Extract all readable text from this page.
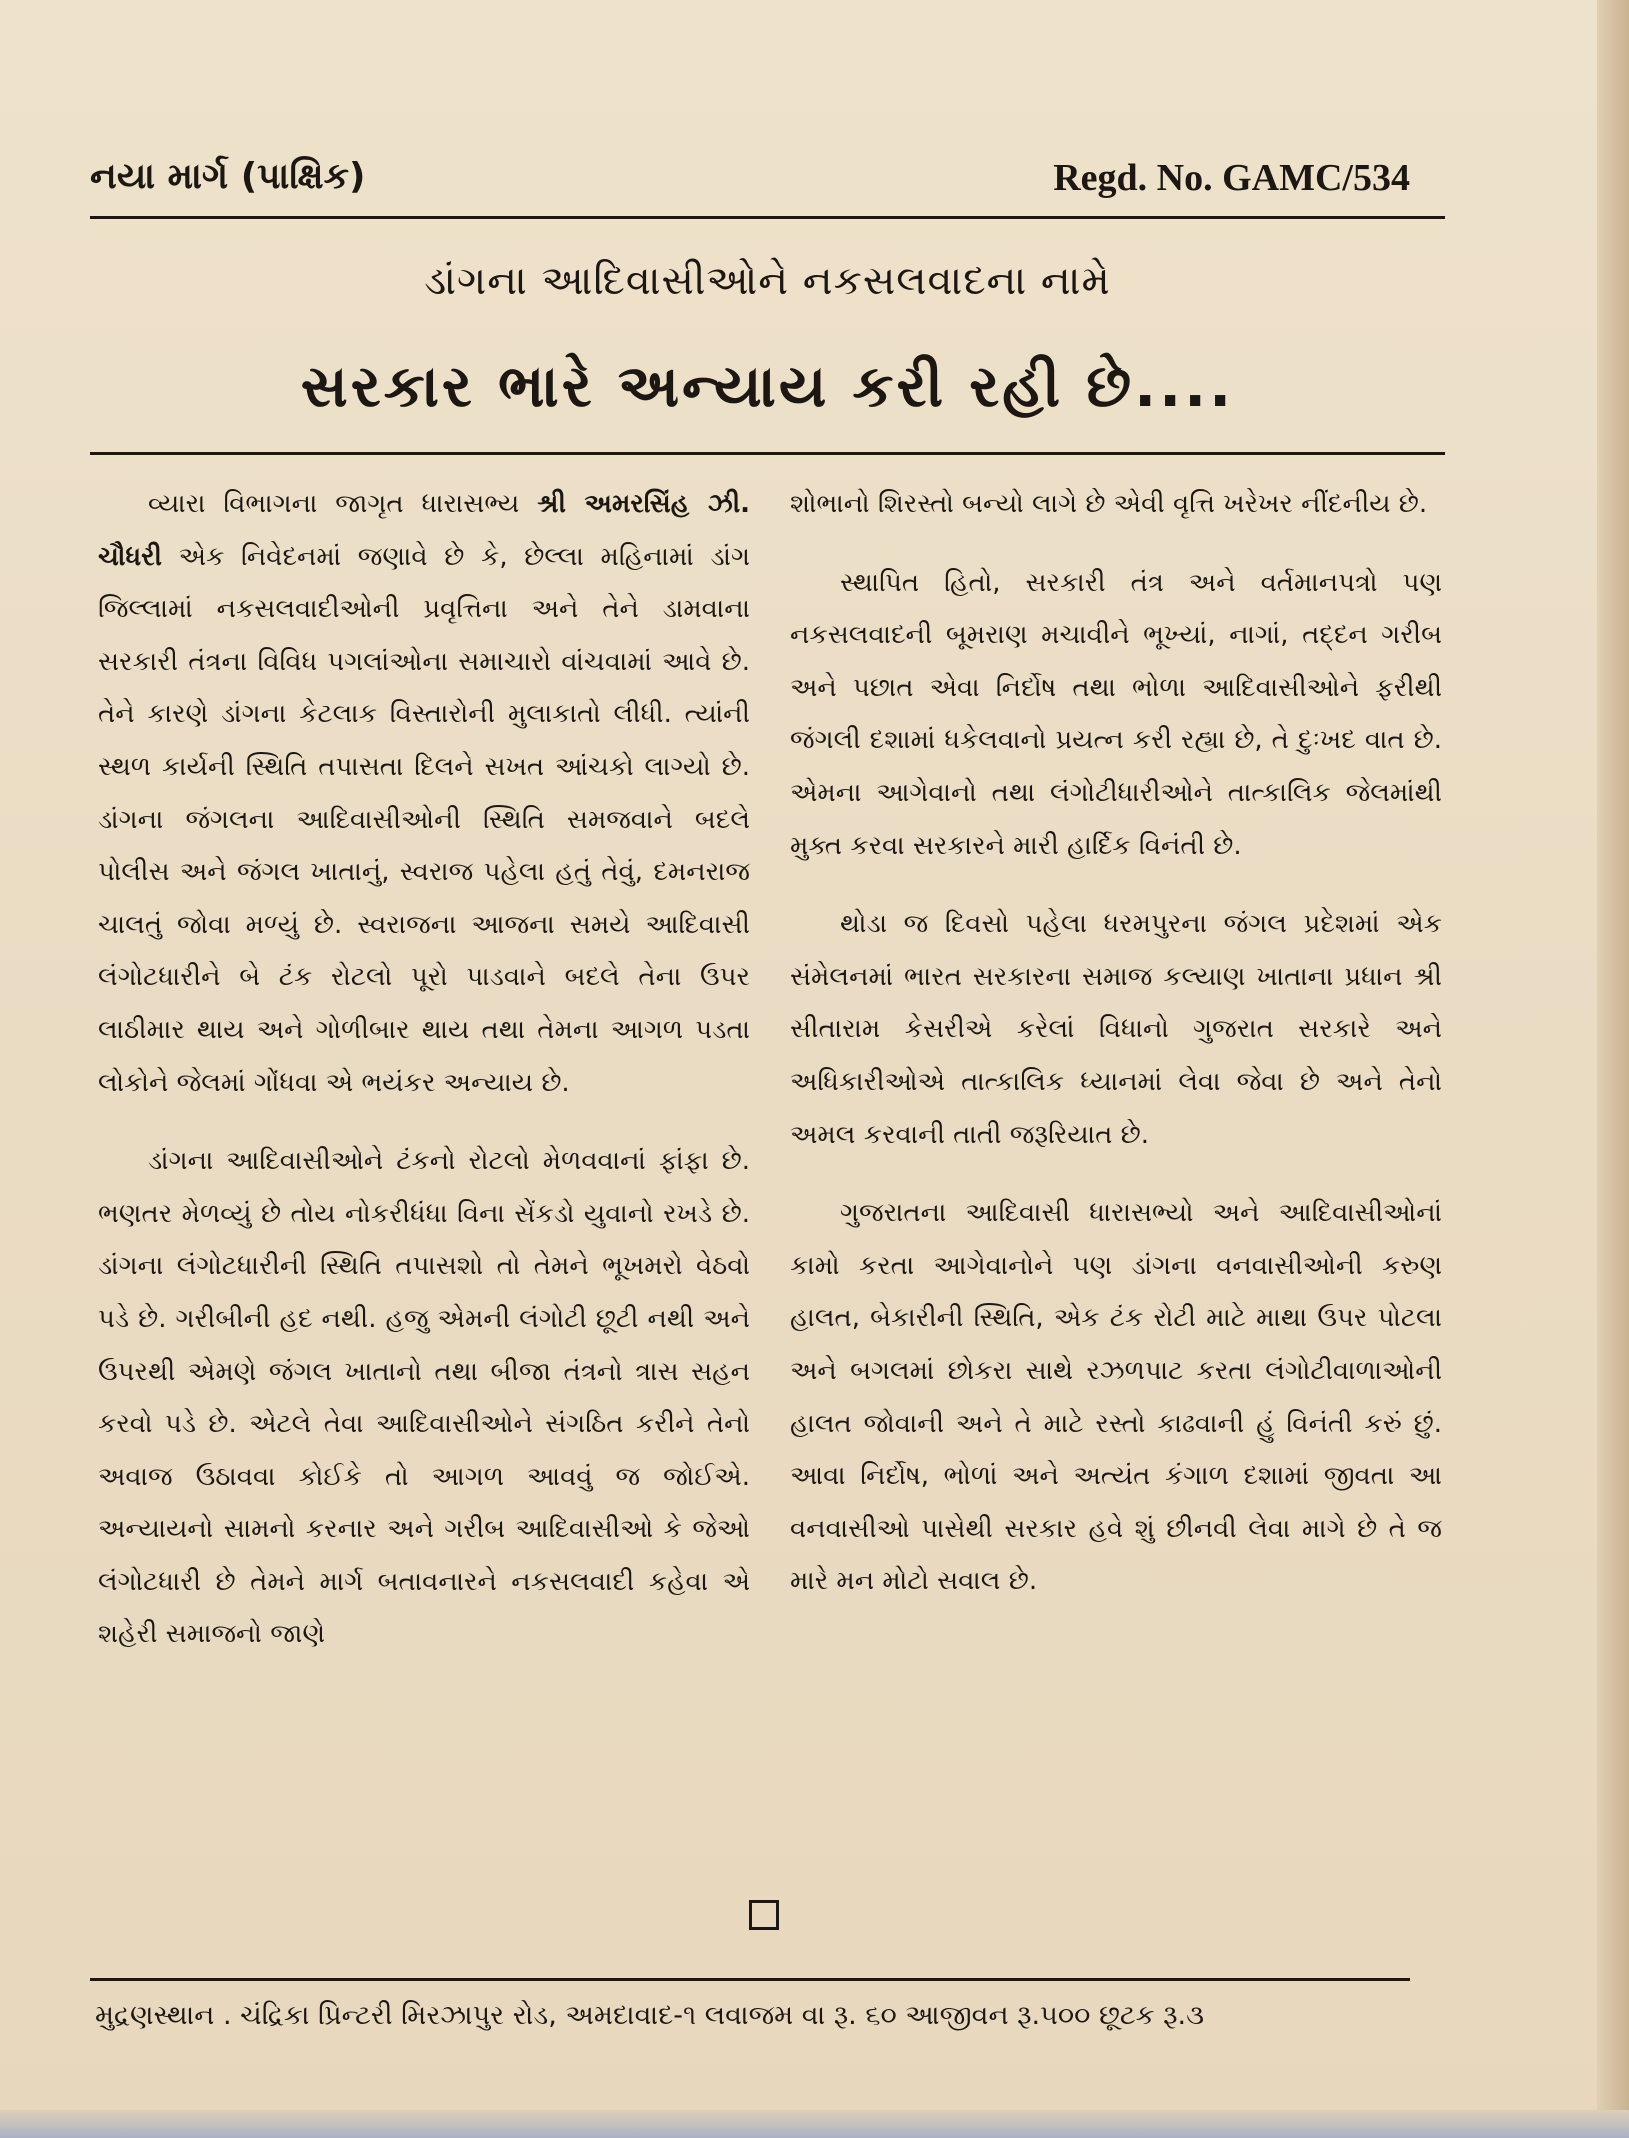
નયા માર્ગ (પાક્ષિક)	Regd. No. GAMC/534
ડાંગના આદિવાસીઓને નકસલવાદના નામે
સરકાર ભારે અન્યાય કરી રહી છે....

વ્યારા વિભાગના જાગૃત ધારાસભ્ય શ્રી અમરસિંહ ઝી. ચૌધરી એક નિવેદનમાં જણાવે છે કે, છેલ્લા મહિનામાં ડાંગ જિલ્લામાં નકસલવાદીઓની પ્રવૃત્તિના અને તેને ડામવાના સરકારી તંત્રના વિવિધ પગલાંઓના સમાચારો વાંચવામાં આવે છે. તેને કારણે ડાંગના કેટલાક વિસ્તારોની મુલાકાતો લીધી. ત્યાંની સ્થળ કાર્યની સ્થિતિ તપાસતા દિલને સખત આંચકો લાગ્યો છે. ડાંગના જંગલના આદિવાસીઓની સ્થિતિ સમજવાને બદલે પોલીસ અને જંગલ ખાતાનું, સ્વરાજ પહેલા હતું તેવું, દમનરાજ ચાલતું જોવા મળ્યું છે. સ્વરાજના આજના સમયે આદિવાસી લંગોટધારીને બે ટંક રોટલો પૂરો પાડવાને બદલે તેના ઉપર લાઠીમાર થાય અને ગોળીબાર થાય તથા તેમના આગળ પડતા લોકોને જેલમાં ગોંધવા એ ભયંકર અન્યાય છે.

ડાંગના આદિવાસીઓને ટંકનો રોટલો મેળવવાનાં ફાંફા છે. ભણતર મેળવ્યું છે તોય નોકરીધંધા વિના સેંકડો યુવાનો રખડે છે. ડાંગના લંગોટધારીની સ્થિતિ તપાસશો તો તેમને ભૂખમરો વેઠવો પડે છે. ગરીબીની હદ નથી. હજુ એમની લંગોટી છૂટી નથી અને ઉપરથી એમણે જંગલ ખાતાનો તથા બીજા તંત્રનો ત્રાસ સહન કરવો પડે છે. એટલે તેવા આદિવાસીઓને સંગઠિત કરીને તેનો અવાજ ઉઠાવવા કોઈકે તો આગળ આવવું જ જોઈએ. અન્યાયનો સામનો કરનાર અને ગરીબ આદિવાસીઓ કે જેઓ લંગોટધારી છે તેમને માર્ગ બતાવનારને નકસલવાદી કહેવા એ શહેરી સમાજનો જાણે

શોભાનો શિરસ્તો બન્યો લાગે છે એવી વૃત્તિ ખરેખર નીંદનીય છે.

સ્થાપિત હિતો, સરકારી તંત્ર અને વર્તમાનપત્રો પણ નકસલવાદની બૂમરાણ મચાવીને ભૂખ્યાં, નાગાં, તદ્દન ગરીબ અને પછાત એવા નિર્દોષ તથા ભોળા આદિવાસીઓને ફરીથી જંગલી દશામાં ધકેલવાનો પ્રયત્ન કરી રહ્યા છે, તે દુઃખદ વાત છે. એમના આગેવાનો તથા લંગોટીધારીઓને તાત્કાલિક જેલમાંથી મુક્ત કરવા સરકારને મારી હાર્દિક વિનંતી છે.

થોડા જ દિવસો પહેલા ધરમપુરના જંગલ પ્રદેશમાં એક સંમેલનમાં ભારત સરકારના સમાજ કલ્યાણ ખાતાના પ્રધાન શ્રી સીતારામ કેસરીએ કરેલાં વિધાનો ગુજરાત સરકારે અને અધિકારીઓએ તાત્કાલિક ધ્યાનમાં લેવા જેવા છે અને તેનો અમલ કરવાની તાતી જરૂરિયાત છે.

ગુજરાતના આદિવાસી ધારાસભ્યો અને આદિવાસીઓનાં કામો કરતા આગેવાનોને પણ ડાંગના વનવાસીઓની કરુણ હાલત, બેકારીની સ્થિતિ, એક ટંક રોટી માટે માથા ઉપર પોટલા અને બગલમાં છોકરા સાથે રઝળપાટ કરતા લંગોટીવાળાઓની હાલત જોવાની અને તે માટે રસ્તો કાઢવાની હું વિનંતી કરું છું. આવા નિર્દોષ, ભોળાં અને અત્યંત કંગાળ દશામાં જીવતા આ વનવાસીઓ પાસેથી સરકાર હવે શું છીનવી લેવા માગે છે તે જ મારે મન મોટો સવાલ છે.

મુદ્રણસ્થાન . ચંદ્રિકા પ્રિન્ટરી મિરઝાપુર રોડ, અમદાવાદ-૧ લવાજમ વા રૂ. ૬૦ આજીવન રૂ.૫૦૦ છૂટક રૂ.૩
